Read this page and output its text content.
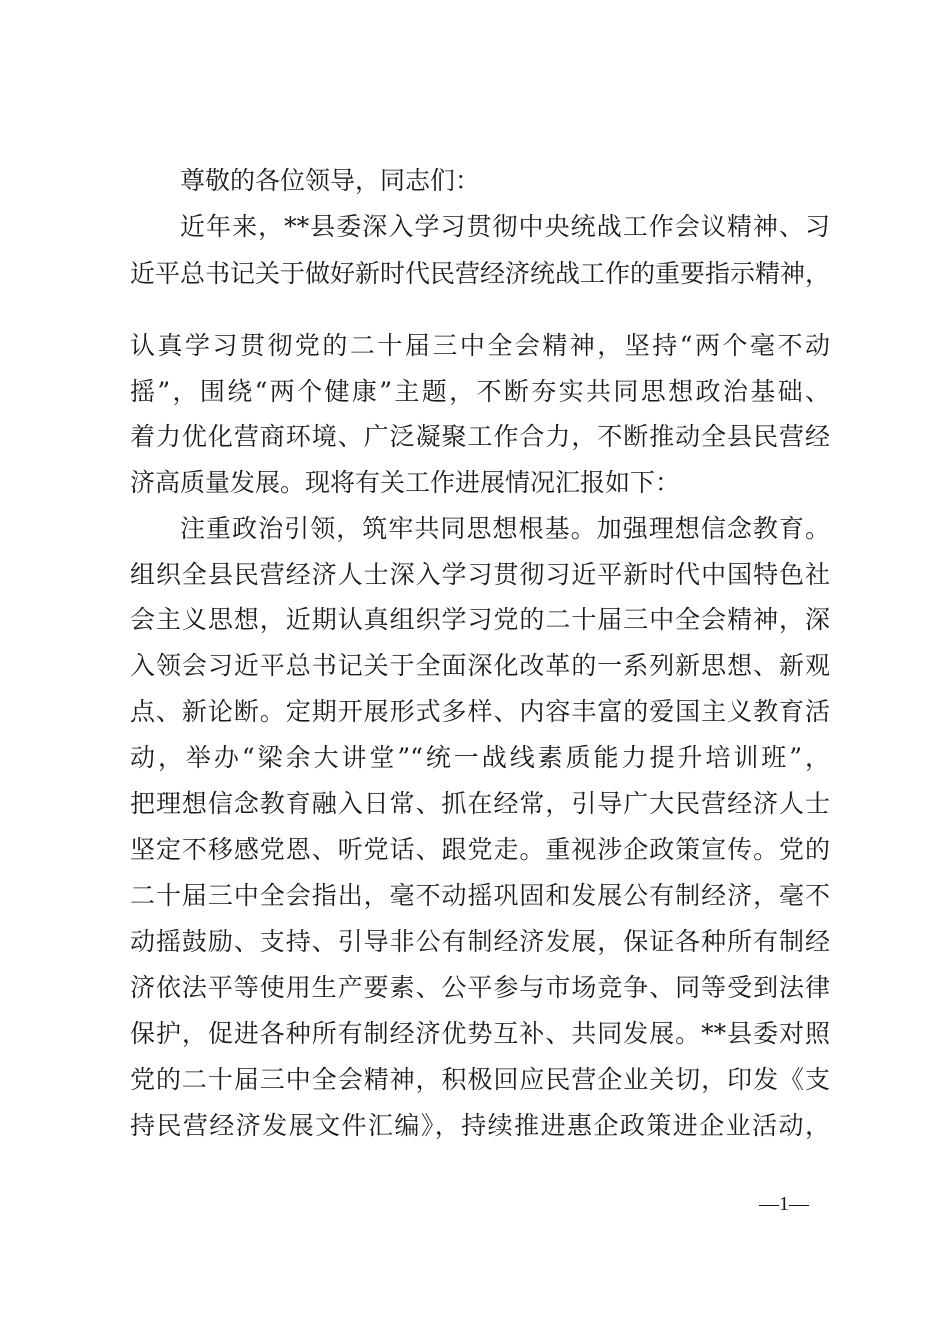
尊敬的各位领导，同志们：
近年来，**县委深入学习贯彻中央统战工作会议精神、习
近平总书记关于做好新时代民营经济统战工作的重要指示精神，
认真学习贯彻党的二十届三中全会精神，坚持“两个毫不动
摇”，围绕“两个健康”主题，不断夯实共同思想政治基础、
着力优化营商环境、广泛凝聚工作合力，不断推动全县民营经
济高质量发展。现将有关工作进展情况汇报如下：
注重政治引领，筑牢共同思想根基。加强理想信念教育。
组织全县民营经济人士深入学习贯彻习近平新时代中国特色社
会主义思想，近期认真组织学习党的二十届三中全会精神，深
入领会习近平总书记关于全面深化改革的一系列新思想、新观
点、新论断。定期开展形式多样、内容丰富的爱国主义教育活
动，举办“梁余大讲堂”“统一战线素质能力提升培训班”，
把理想信念教育融入日常、抓在经常，引导广大民营经济人士
坚定不移感党恩、听党话、跟党走。重视涉企政策宣传。党的
二十届三中全会指出，毫不动摇巩固和发展公有制经济，毫不
动摇鼓励、支持、引导非公有制经济发展，保证各种所有制经
济依法平等使用生产要素、公平参与市场竞争、同等受到法律
保护，促进各种所有制经济优势互补、共同发展。**县委对照
党的二十届三中全会精神，积极回应民营企业关切，印发《支
持民营经济发展文件汇编》，持续推进惠企政策进企业活动，
—1—
